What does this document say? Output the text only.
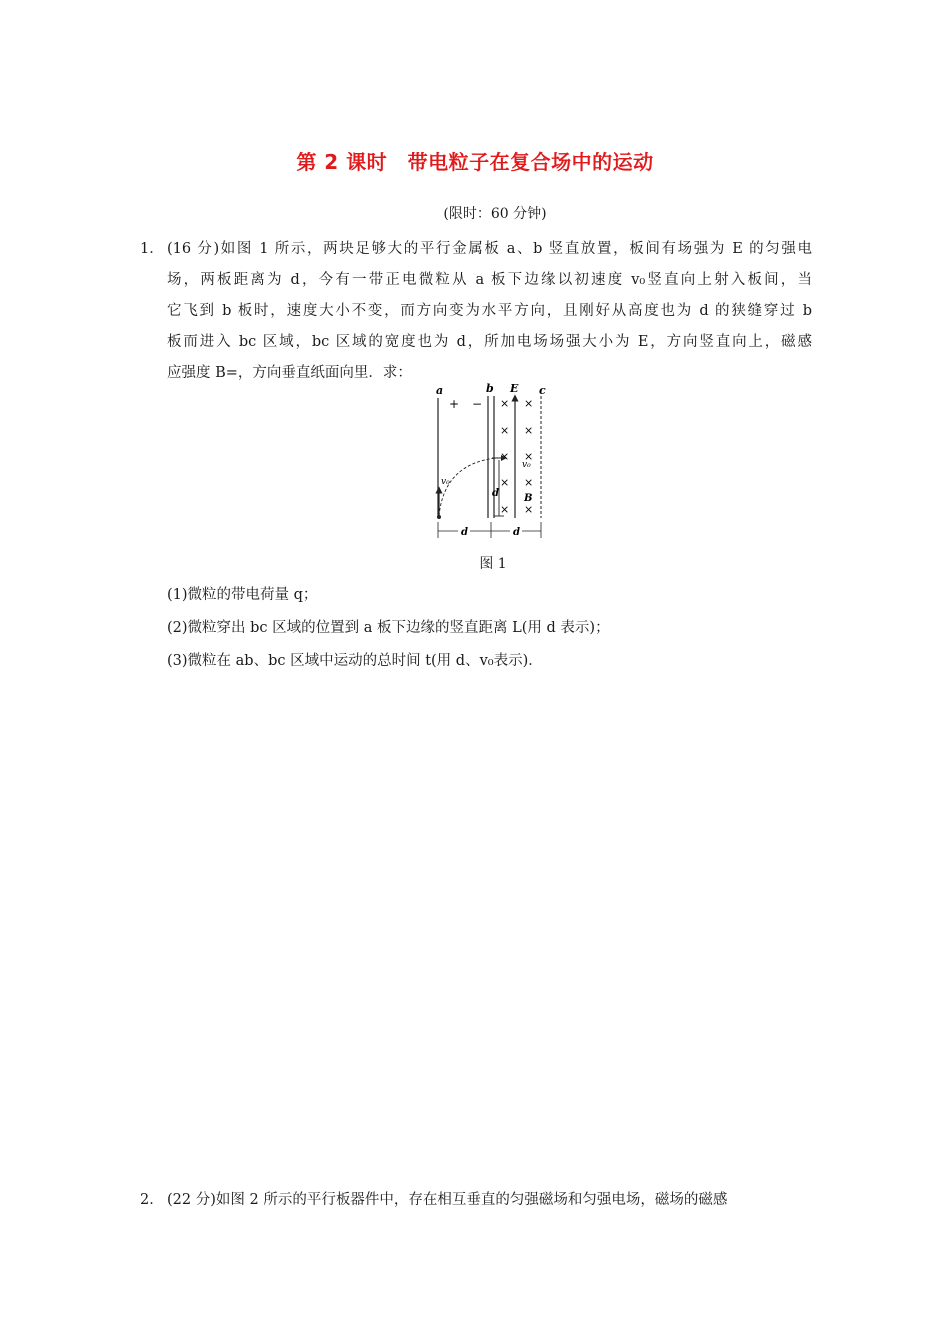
第 2 课时　带电粒子在复合场中的运动
(限时：60 分钟)
1． (16 分)如图 1 所示，两块足够大的平行金属板 a、b 竖直放置，板间有场强为 E 的匀强电
场，两板距离为 d，今有一带正电微粒从 a 板下边缘以初速度 v₀竖直向上射入板间，当
它飞到 b 板时，速度大小不变，而方向变为水平方向，且刚好从高度也为 d 的狭缝穿过 b
板而进入 bc 区域，bc 区域的宽度也为 d，所加电场场强大小为 E，方向竖直向上，磁感
应强度 B=，方向垂直纸面向里．求：
a	b E c
+ − × ×
× ×
× ×
× ×
× ×
v₀
v₀
d	B
d	d
图 1
(1)微粒的带电荷量 q；
(2)微粒穿出 bc 区域的位置到 a 板下边缘的竖直距离 L(用 d 表示)；
(3)微粒在 ab、bc 区域中运动的总时间 t(用 d、v₀表示)．
2． (22 分)如图 2 所示的平行板器件中，存在相互垂直的匀强磁场和匀强电场，磁场的磁感
